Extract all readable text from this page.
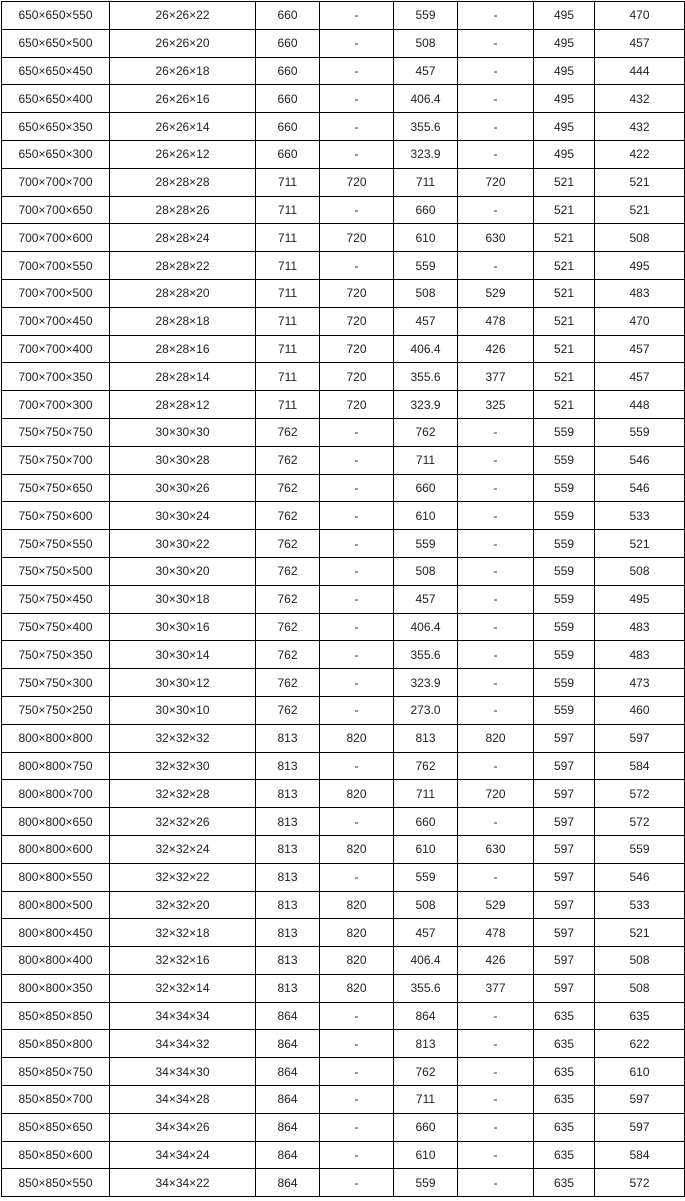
650×650×550	26×26×22	660	-	559	-	495	470
650×650×500	26×26×20	660	-	508	-	495	457
650×650×450	26×26×18	660	-	457	-	495	444
650×650×400	26×26×16	660	-	406.4	-	495	432
650×650×350	26×26×14	660	-	355.6	-	495	432
650×650×300	26×26×12	660	-	323.9	-	495	422
700×700×700	28×28×28	711	720	711	720	521	521
700×700×650	28×28×26	711	-	660	-	521	521
700×700×600	28×28×24	711	720	610	630	521	508
700×700×550	28×28×22	711	-	559	-	521	495
700×700×500	28×28×20	711	720	508	529	521	483
700×700×450	28×28×18	711	720	457	478	521	470
700×700×400	28×28×16	711	720	406.4	426	521	457
700×700×350	28×28×14	711	720	355.6	377	521	457
700×700×300	28×28×12	711	720	323.9	325	521	448
750×750×750	30×30×30	762	-	762	-	559	559
750×750×700	30×30×28	762	-	711	-	559	546
750×750×650	30×30×26	762	-	660	-	559	546
750×750×600	30×30×24	762	-	610	-	559	533
750×750×550	30×30×22	762	-	559	-	559	521
750×750×500	30×30×20	762	-	508	-	559	508
750×750×450	30×30×18	762	-	457	-	559	495
750×750×400	30×30×16	762	-	406.4	-	559	483
750×750×350	30×30×14	762	-	355.6	-	559	483
750×750×300	30×30×12	762	-	323.9	-	559	473
750×750×250	30×30×10	762	-	273.0	-	559	460
800×800×800	32×32×32	813	820	813	820	597	597
800×800×750	32×32×30	813	-	762	-	597	584
800×800×700	32×32×28	813	820	711	720	597	572
800×800×650	32×32×26	813	-	660	-	597	572
800×800×600	32×32×24	813	820	610	630	597	559
800×800×550	32×32×22	813	-	559	-	597	546
800×800×500	32×32×20	813	820	508	529	597	533
800×800×450	32×32×18	813	820	457	478	597	521
800×800×400	32×32×16	813	820	406.4	426	597	508
800×800×350	32×32×14	813	820	355.6	377	597	508
850×850×850	34×34×34	864	-	864	-	635	635
850×850×800	34×34×32	864	-	813	-	635	622
850×850×750	34×34×30	864	-	762	-	635	610
850×850×700	34×34×28	864	-	711	-	635	597
850×850×650	34×34×26	864	-	660	-	635	597
850×850×600	34×34×24	864	-	610	-	635	584
850×850×550	34×34×22	864	-	559	-	635	572
